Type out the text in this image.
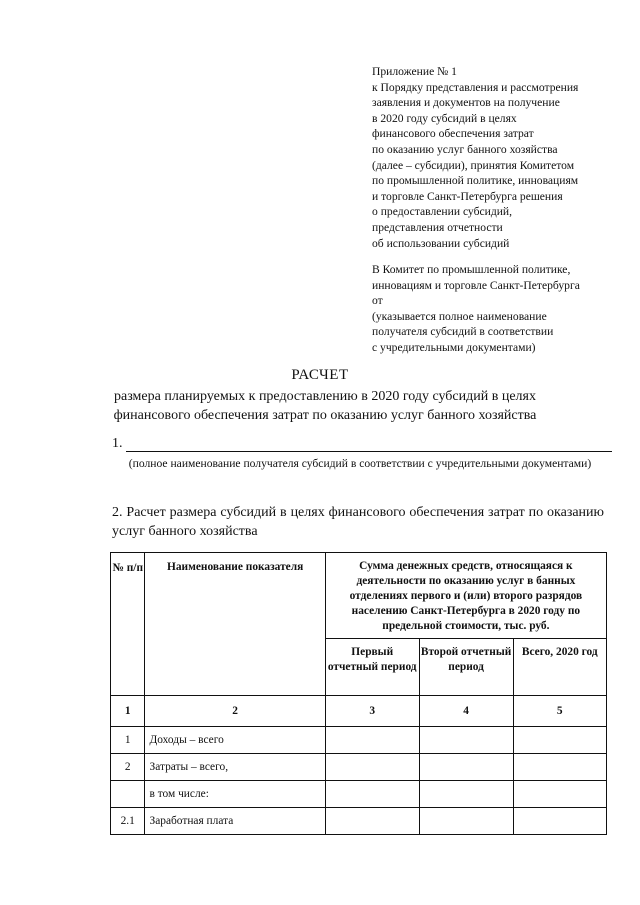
Приложение № 1
к Порядку представления и рассмотрения
заявления и документов на получение
в 2020 году субсидий в целях
финансового обеспечения затрат
по оказанию услуг банного хозяйства
(далее – субсидии), принятия Комитетом
по промышленной политике, инновациям
и торговле Санкт-Петербурга решения
о предоставлении субсидий,
представления отчетности
об использовании субсидий
В Комитет по промышленной политике,
инновациям и торговле Санкт-Петербурга
от
(указывается полное наименование
получателя субсидий в соответствии
с учредительными документами)
РАСЧЕТ
размера планируемых к предоставлению в 2020 году субсидий в целях финансового обеспечения затрат по оказанию услуг банного хозяйства
1.
(полное наименование получателя субсидий в соответствии с учредительными документами)
2. Расчет размера субсидий в целях финансового обеспечения затрат по оказанию услуг банного хозяйства
№ п/п	Наименование показателя	Сумма денежных средств, относящаяся к деятельности по оказанию услуг в банных отделениях первого и (или) второго разрядов населению Санкт-Петербурга в 2020 году по предельной стоимости, тыс. руб.		
		Первый отчетный период	Второй отчетный период	Всего, 2020 год
1	2	3	4	5
1	Доходы – всего			
2	Затраты – всего,			
	в том числе:			
2.1	Заработная плата			
